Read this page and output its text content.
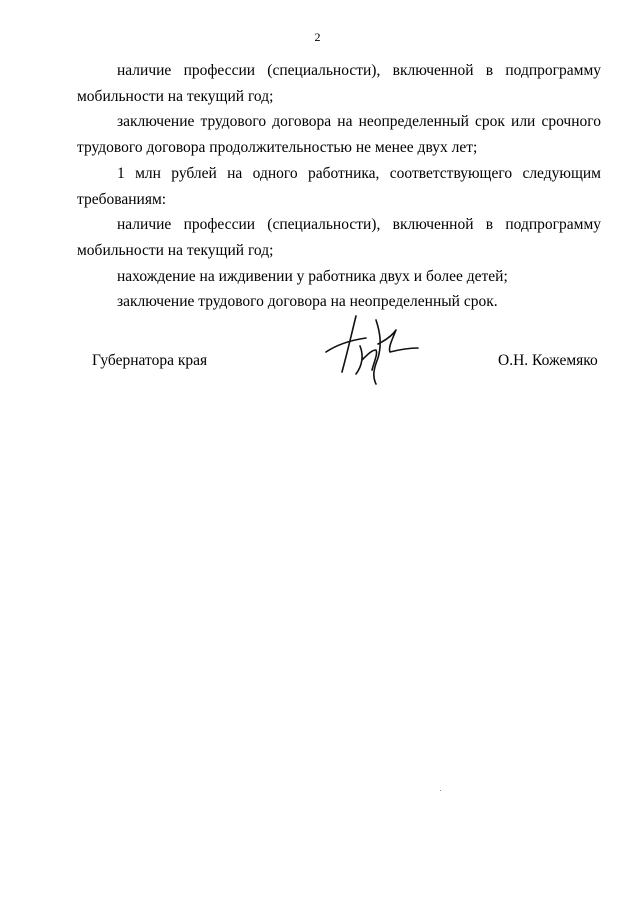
2

наличие профессии (специальности), включенной в подпрограмму мобильности на текущий год;

заключение трудового договора на неопределенный срок или срочного трудового договора продолжительностью не менее двух лет;

1 млн рублей на одного работника, соответствующего следующим требованиям:

наличие профессии (специальности), включенной в подпрограмму мобильности на текущий год;

нахождение на иждивении у работника двух и более детей;

заключение трудового договора на неопределенный срок.

Губернатора края	О.Н. Кожемяко
